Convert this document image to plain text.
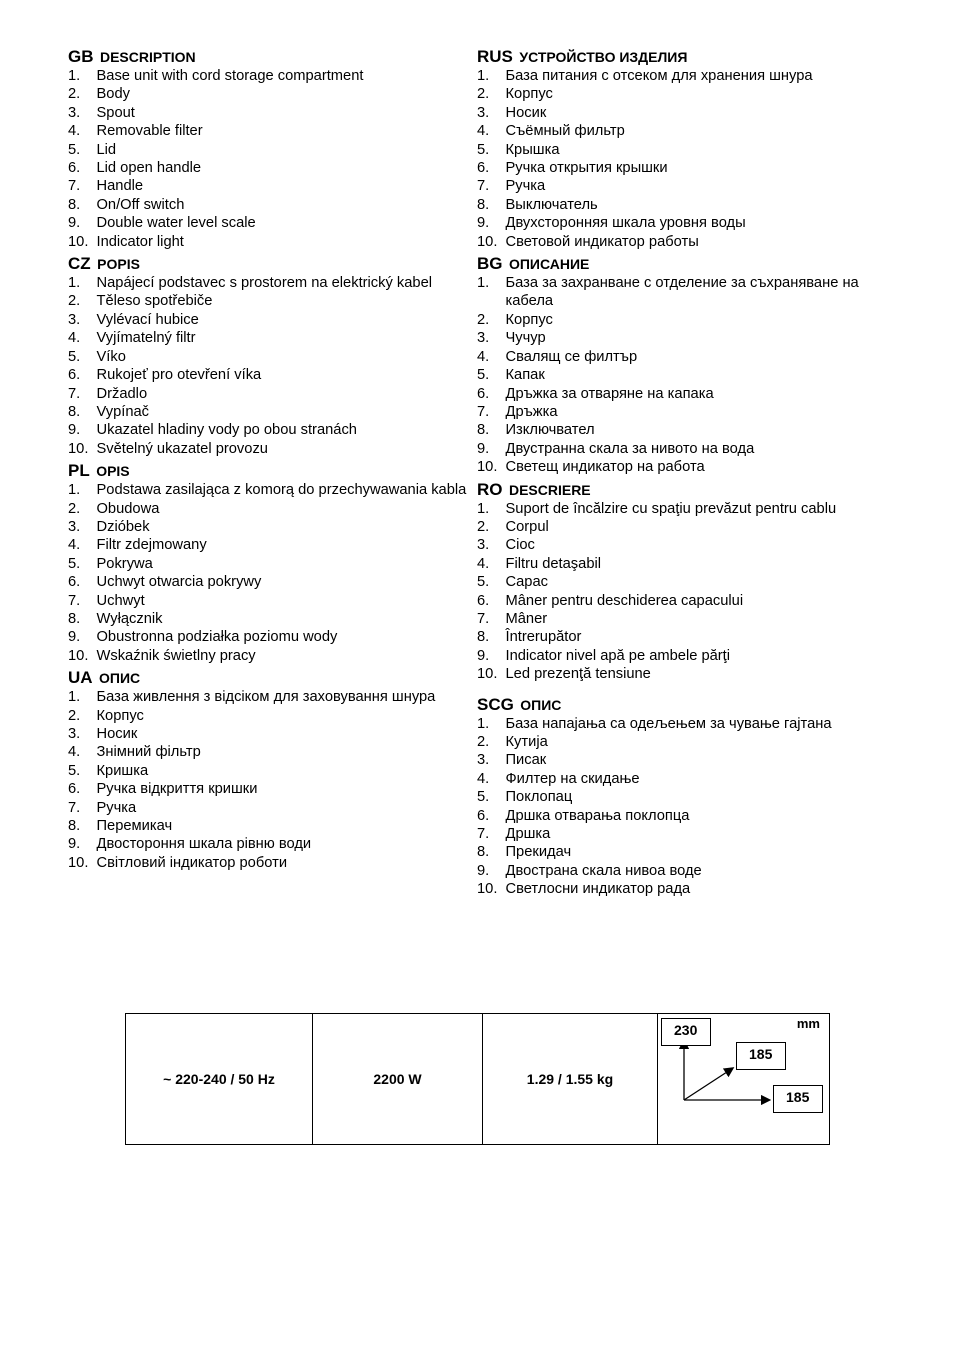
GB DESCRIPTION
1.	Base unit with cord storage compartment
2.	Body
3.	Spout
4.	Removable filter
5.	Lid
6.	Lid open handle
7.	Handle
8.	On/Off switch
9.	Double water level scale
10. Indicator light
CZ POPIS
1.	Napájecí podstavec s prostorem na elektrický kabel
2.	Těleso spotřebiče
3.	Vylévací hubice
4.	Vyjímatelný filtr
5.	Víko
6.	Rukojeť pro otevření víka
7.	Držadlo
8.	Vypínač
9.	Ukazatel hladiny vody po obou stranách
10. Světelný ukazatel provozu
PL OPIS
1.	Podstawa zasilająca z komorą do przechywawania kabla
2.	Obudowa
3.	Dzióbek
4.	Filtr zdejmowany
5.	Pokrywa
6.	Uchwyt otwarcia pokrywy
7.	Uchwyt
8.	Wyłącznik
9.	Obustronna podziałka poziomu wody
10. Wskaźnik świetlny pracy
UA ОПИС
1.	База живлення з відсіком для заховування шнура
2.	Корпус
3.	Носик
4.	Знімний фільтр
5.	Кришка
6.	Ручка відкриття кришки
7.	Ручка
8.	Перемикач
9.	Двостороння шкала рівню води
10. Світловий індикатор роботи
RUS УСТРОЙСТВО ИЗДЕЛИЯ
1.	База питания с отсеком для хранения шнура
2.	Корпус
3.	Носик
4.	Съёмный фильтр
5.	Крышка
6.	Ручка открытия крышки
7.	Ручка
8.	Выключатель
9.	Двухсторонняя шкала уровня воды
10. Световой индикатор работы
BG ОПИСАНИЕ
1.	База за захранване с отделение за съхраняване на кабела
2.	Корпус
3.	Чучур
4.	Свалящ се филтър
5.	Капак
6.	Дръжка за отваряне на капака
7.	Дръжка
8.	Изключвател
9.	Двустранна скала за нивото на вода
10. Светещ индикатор на работа
RO DESCRIERE
1.	Suport de încălzire cu spaţiu prevăzut pentru cablu
2.	Corpul
3.	Cioc
4.	Filtru detaşabil
5.	Capac
6.	Mâner pentru deschiderea capacului
7.	Mâner
8.	Întrerupător
9.	Indicator nivel apă pe ambele părţi
10. Led prezenţă tensiune
SCG ОПИС
1.	База напајања са одељењем за чување гајтана
2.	Кутија
3.	Писак
4.	Филтер на скидање
5.	Поклопац
6.	Дршка отварања поклопца
7.	Дршка
8.	Прекидач
9.	Двострана скала нивоа воде
10. Светлосни индикатор рада
~ 220-240 / 50 Hz	2200 W	1.29 / 1.55 kg	
mm
230
185
185
